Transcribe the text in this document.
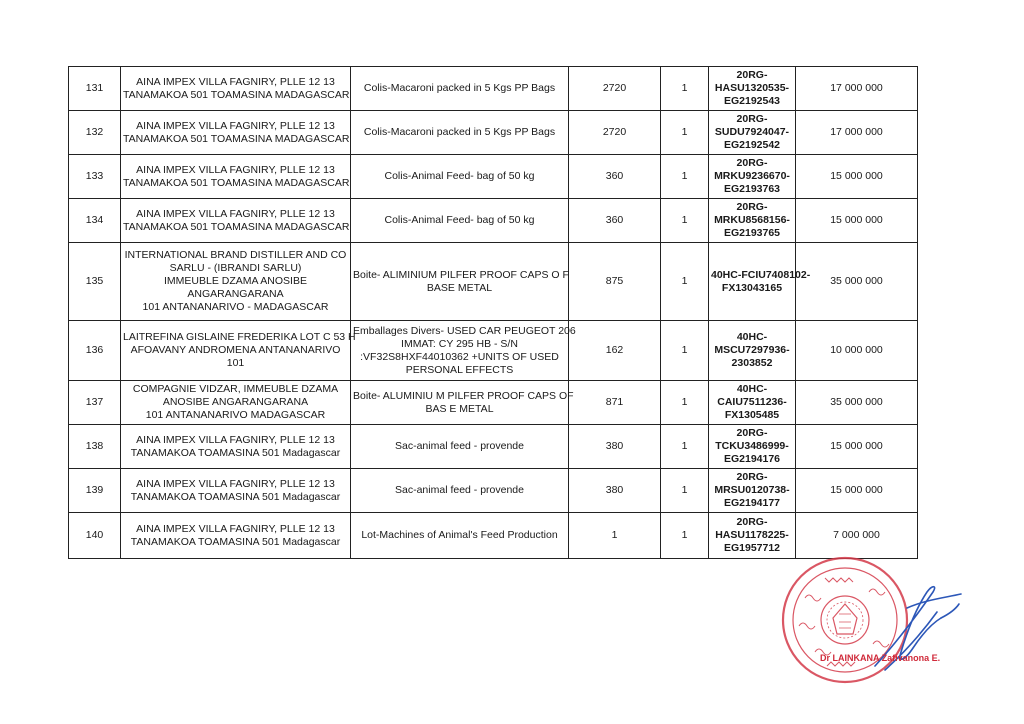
131	AINA IMPEX VILLA FAGNIRY, PLLE 12 13
TANAMAKOA 501 TOAMASINA MADAGASCAR	Colis-Macaroni packed in 5 Kgs PP Bags	2720	1	20RG-
HASU1320535-
EG2192543	17 000 000
132	AINA IMPEX VILLA FAGNIRY, PLLE 12 13
TANAMAKOA 501 TOAMASINA MADAGASCAR	Colis-Macaroni packed in 5 Kgs PP Bags	2720	1	20RG-
SUDU7924047-
EG2192542	17 000 000
133	AINA IMPEX VILLA FAGNIRY, PLLE 12 13
TANAMAKOA 501 TOAMASINA MADAGASCAR	Colis-Animal Feed- bag of 50 kg	360	1	20RG-
MRKU9236670-
EG2193763	15 000 000
134	AINA IMPEX VILLA FAGNIRY, PLLE 12 13
TANAMAKOA 501 TOAMASINA MADAGASCAR	Colis-Animal Feed- bag of 50 kg	360	1	20RG-
MRKU8568156-
EG2193765	15 000 000
135	INTERNATIONAL BRAND DISTILLER AND CO
SARLU - (IBRANDI SARLU)
IMMEUBLE DZAMA ANOSIBE
ANGARANGARANA
101 ANTANANARIVO - MADAGASCAR	Boite- ALIMINIUM PILFER PROOF CAPS O F
BASE METAL	875	1	40HC-FCIU7408102-
FX13043165	35 000 000
136	LAITREFINA GISLAINE FREDERIKA LOT C 53 H
AFOAVANY ANDROMENA ANTANANARIVO
101	Emballages Divers- USED CAR PEUGEOT 206
IMMAT: CY 295 HB - S/N
:VF32S8HXF44010362 +UNITS OF USED
PERSONAL EFFECTS	162	1	40HC-
MSCU7297936-
2303852	10 000 000
137	COMPAGNIE VIDZAR, IMMEUBLE DZAMA
ANOSIBE ANGARANGARANA
101 ANTANANARIVO MADAGASCAR	Boite- ALUMINIU M PILFER PROOF CAPS OF
BAS E METAL	871	1	40HC-
CAIU7511236-
FX1305485	35 000 000
138	AINA IMPEX VILLA FAGNIRY, PLLE 12 13
TANAMAKOA TOAMASINA 501 Madagascar	Sac-animal feed - provende	380	1	20RG-
TCKU3486999-
EG2194176	15 000 000
139	AINA IMPEX VILLA FAGNIRY, PLLE 12 13
TANAMAKOA TOAMASINA 501 Madagascar	Sac-animal feed - provende	380	1	20RG-
MRSU0120738-
EG2194177	15 000 000
140	AINA IMPEX VILLA FAGNIRY, PLLE 12 13
TANAMAKOA TOAMASINA 501 Madagascar	Lot-Machines of Animal's Feed Production	1	1	20RG-
HASU1178225-
EG1957712	7 000 000
Dr LAINKANA Zafivanona E.
